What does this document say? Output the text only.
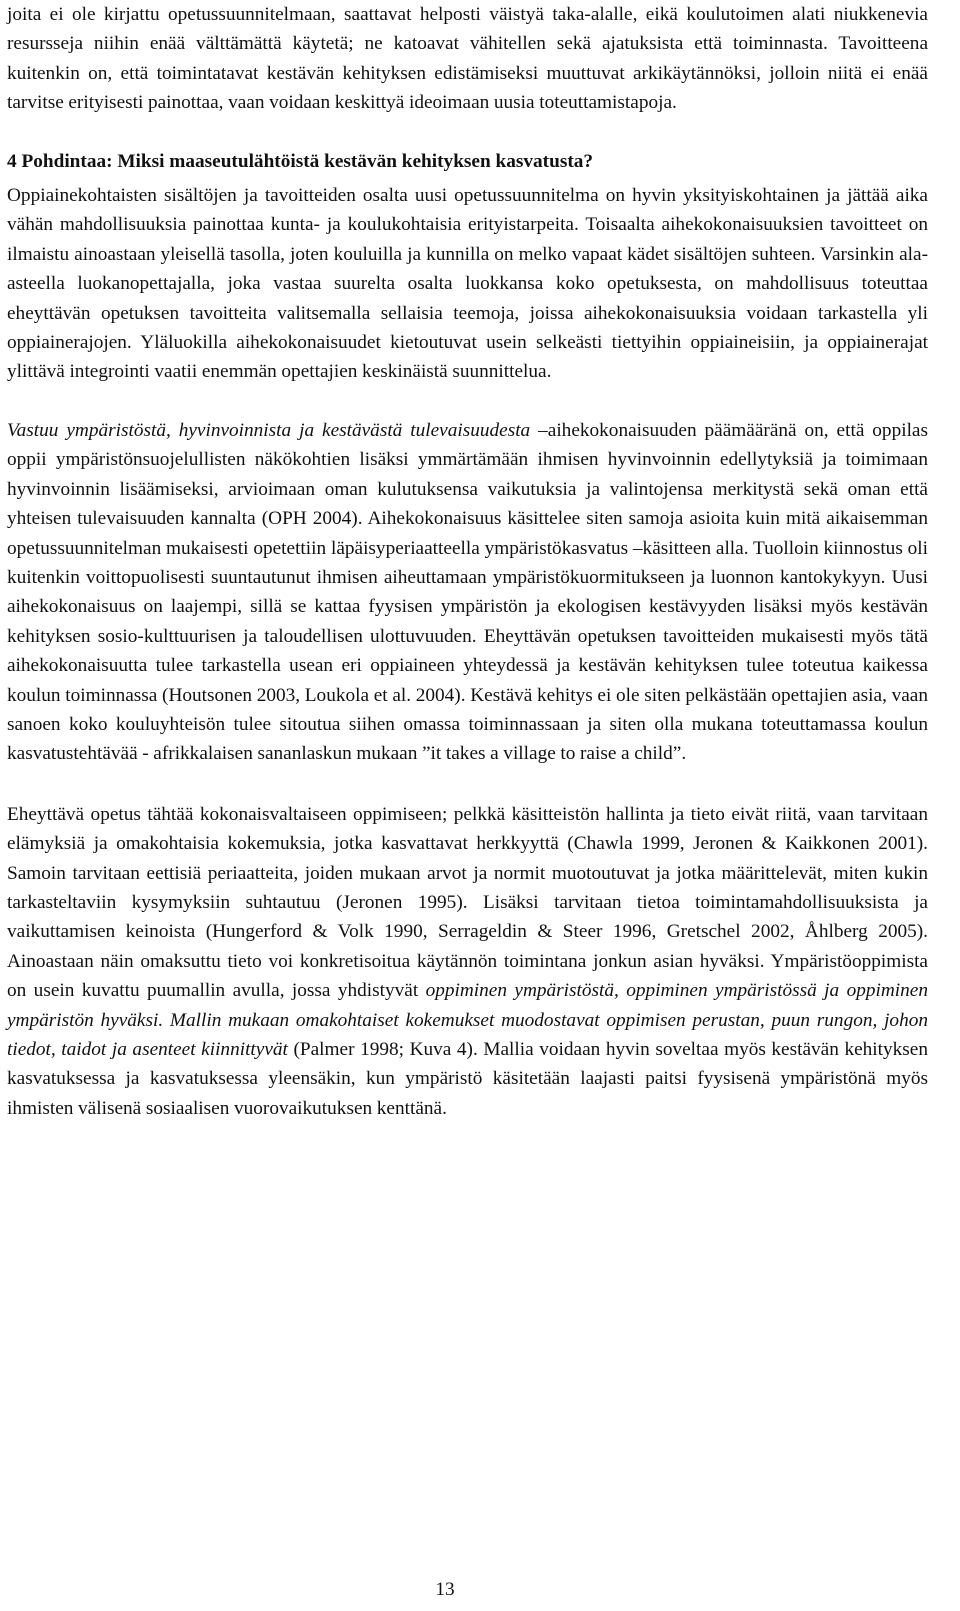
joita ei ole kirjattu opetussuunnitelmaan, saattavat helposti väistyä taka-alalle, eikä koulutoimen alati niukkenevia resursseja niihin enää välttämättä käytetä; ne katoavat vähitellen sekä ajatuksista että toiminnasta. Tavoitteena kuitenkin on, että toimintatavat kestävän kehityksen edistämiseksi muuttuvat arkikäytännöksi, jolloin niitä ei enää tarvitse erityisesti painottaa, vaan voidaan keskittyä ideoimaan uusia toteuttamistapoja.

4 Pohdintaa: Miksi maaseutulähtöistä kestävän kehityksen kasvatusta?

Oppiainekohtaisten sisältöjen ja tavoitteiden osalta uusi opetussuunnitelma on hyvin yksityiskohtainen ja jättää aika vähän mahdollisuuksia painottaa kunta- ja koulukohtaisia erityistarpeita. Toisaalta aihekokonaisuuksien tavoitteet on ilmaistu ainoastaan yleisellä tasolla, joten kouluilla ja kunnilla on melko vapaat kädet sisältöjen suhteen. Varsinkin ala-asteella luokanopettajalla, joka vastaa suurelta osalta luokkansa koko opetuksesta, on mahdollisuus toteuttaa eheyttävän opetuksen tavoitteita valitsemalla sellaisia teemoja, joissa aihekokonaisuuksia voidaan tarkastella yli oppiainerajojen. Yläluokilla aihekokonaisuudet kietoutuvat usein selkeästi tiettyihin oppiaineisiin, ja oppiainerajat ylittävä integrointi vaatii enemmän opettajien keskinäistä suunnittelua.

Vastuu ympäristöstä, hyvinvoinnista ja kestävästä tulevaisuudesta –aihekokonaisuuden päämääränä on, että oppilas oppii ympäristönsuojelullisten näkökohtien lisäksi ymmärtämään ihmisen hyvinvoinnin edellytyksiä ja toimimaan hyvinvoinnin lisäämiseksi, arvioimaan oman kulutuksensa vaikutuksia ja valintojensa merkitystä sekä oman että yhteisen tulevaisuuden kannalta (OPH 2004). Aihekokonaisuus käsittelee siten samoja asioita kuin mitä aikaisemman opetussuunnitelman mukaisesti opetettiin läpäisyperiaatteella ympäristökasvatus –käsitteen alla. Tuolloin kiinnostus oli kuitenkin voittopuolisesti suuntautunut ihmisen aiheuttamaan ympäristökuormitukseen ja luonnon kantokykyyn. Uusi aihekokonaisuus on laajempi, sillä se kattaa fyysisen ympäristön ja ekologisen kestävyyden lisäksi myös kestävän kehityksen sosio-kulttuurisen ja taloudellisen ulottuvuuden. Eheyttävän opetuksen tavoitteiden mukaisesti myös tätä aihekokonaisuutta tulee tarkastella usean eri oppiaineen yhteydessä ja kestävän kehityksen tulee toteutua kaikessa koulun toiminnassa (Houtsonen 2003, Loukola et al. 2004). Kestävä kehitys ei ole siten pelkästään opettajien asia, vaan sanoen koko kouluyhteisön tulee sitoutua siihen omassa toiminnassaan ja siten olla mukana toteuttamassa koulun kasvatustehtävää - afrikkalaisen sananlaskun mukaan ”it takes a village to raise a child”.

Eheyttävä opetus tähtää kokonaisvaltaiseen oppimiseen; pelkkä käsitteistön hallinta ja tieto eivät riitä, vaan tarvitaan elämyksiä ja omakohtaisia kokemuksia, jotka kasvattavat herkkyyttä (Chawla 1999, Jeronen & Kaikkonen 2001). Samoin tarvitaan eettisiä periaatteita, joiden mukaan arvot ja normit muotoutuvat ja jotka määrittelevät, miten kukin tarkasteltaviin kysymyksiin suhtautuu (Jeronen 1995). Lisäksi tarvitaan tietoa toimintamahdollisuuksista ja vaikuttamisen keinoista (Hungerford & Volk 1990, Serrageldin & Steer 1996, Gretschel 2002, Åhlberg 2005). Ainoastaan näin omaksuttu tieto voi konkretisoitua käytännön toimintana jonkun asian hyväksi. Ympäristöoppimista on usein kuvattu puumallin avulla, jossa yhdistyvät oppiminen ympäristöstä, oppiminen ympäristössä ja oppiminen ympäristön hyväksi. Mallin mukaan omakohtaiset kokemukset muodostavat oppimisen perustan, puun rungon, johon tiedot, taidot ja asenteet kiinnittyvät (Palmer 1998; Kuva 4). Mallia voidaan hyvin soveltaa myös kestävän kehityksen kasvatuksessa ja kasvatuksessa yleensäkin, kun ympäristö käsitetään laajasti paitsi fyysisenä ympäristönä myös ihmisten välisenä sosiaalisen vuorovaikutuksen kenttänä.

13
